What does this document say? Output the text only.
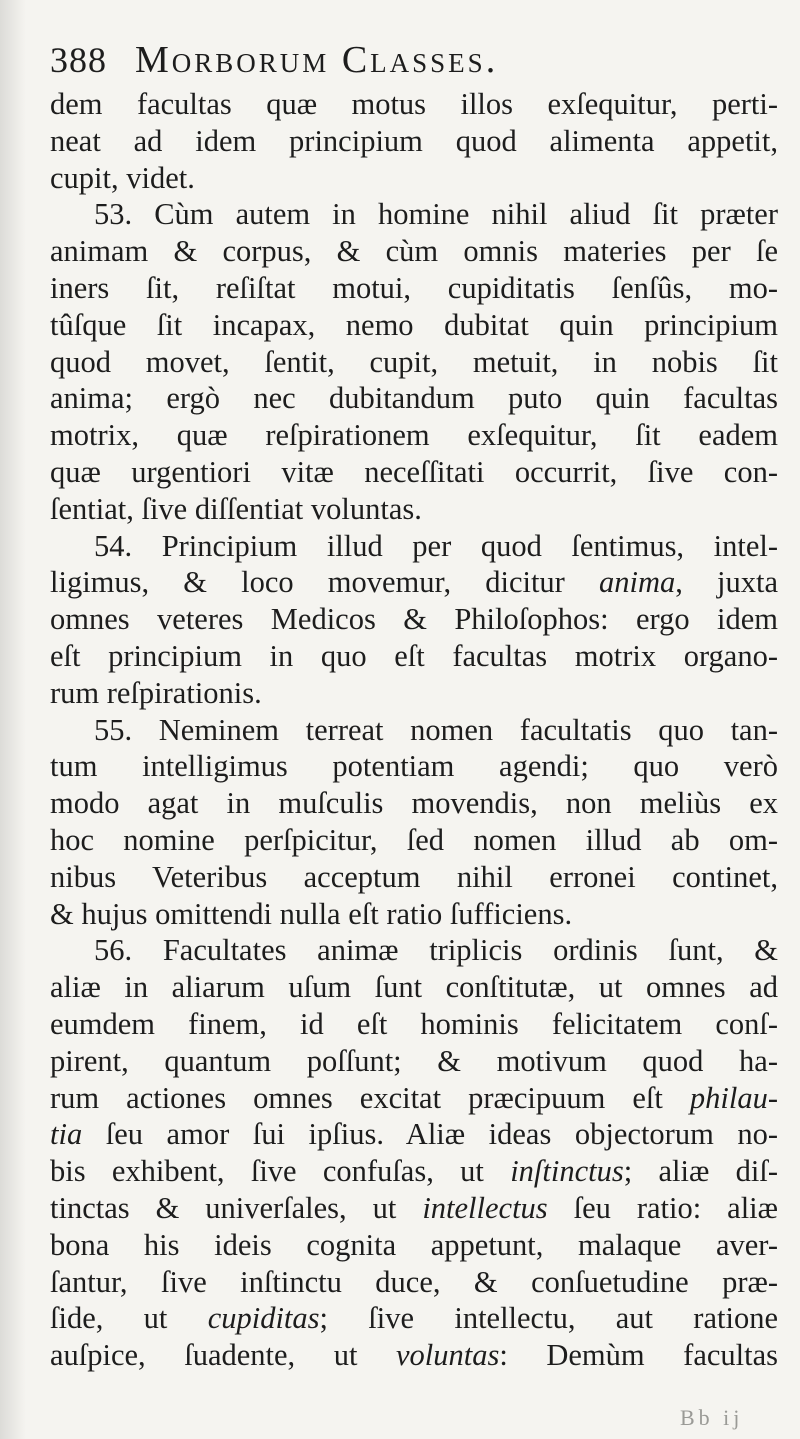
388 Morborum Classes.
dem facultas quæ motus illos exſequitur, perti-
neat ad idem principium quod alimenta appetit,
cupit, videt.
53. Cùm autem in homine nihil aliud ſit præter
animam & corpus, & cùm omnis materies per ſe
iners ſit, reſiſtat motui, cupiditatis ſenſûs, mo-
tûſque ſit incapax, nemo dubitat quin principium
quod movet, ſentit, cupit, metuit, in nobis ſit
anima; ergò nec dubitandum puto quin facultas
motrix, quæ reſpirationem exſequitur, ſit eadem
quæ urgentiori vitæ neceſſitati occurrit, ſive con-
ſentiat, ſive diſſentiat voluntas.
54. Principium illud per quod ſentimus, intel-
ligimus, & loco movemur, dicitur anima, juxta
omnes veteres Medicos & Philoſophos: ergo idem
eſt principium in quo eſt facultas motrix organo-
rum reſpirationis.
55. Neminem terreat nomen facultatis quo tan-
tum intelligimus potentiam agendi; quo verò
modo agat in muſculis movendis, non meliùs ex
hoc nomine perſpicitur, ſed nomen illud ab om-
nibus Veteribus acceptum nihil erronei continet,
& hujus omittendi nulla eſt ratio ſufficiens.
56. Facultates animæ triplicis ordinis ſunt, &
aliæ in aliarum uſum ſunt conſtitutæ, ut omnes ad
eumdem finem, id eſt hominis felicitatem conſ-
pirent, quantum poſſunt; & motivum quod ha-
rum actiones omnes excitat præcipuum eſt philau-
tia ſeu amor ſui ipſius. Aliæ ideas objectorum no-
bis exhibent, ſive confuſas, ut inſtinctus; aliæ diſ-
tinctas & univerſales, ut intellectus ſeu ratio: aliæ
bona his ideis cognita appetunt, malaque aver-
ſantur, ſive inſtinctu duce, & conſuetudine præ-
ſide, ut cupiditas; ſive intellectu, aut ratione
auſpice, ſuadente, ut voluntas: Demùm facultas
Bb ij
